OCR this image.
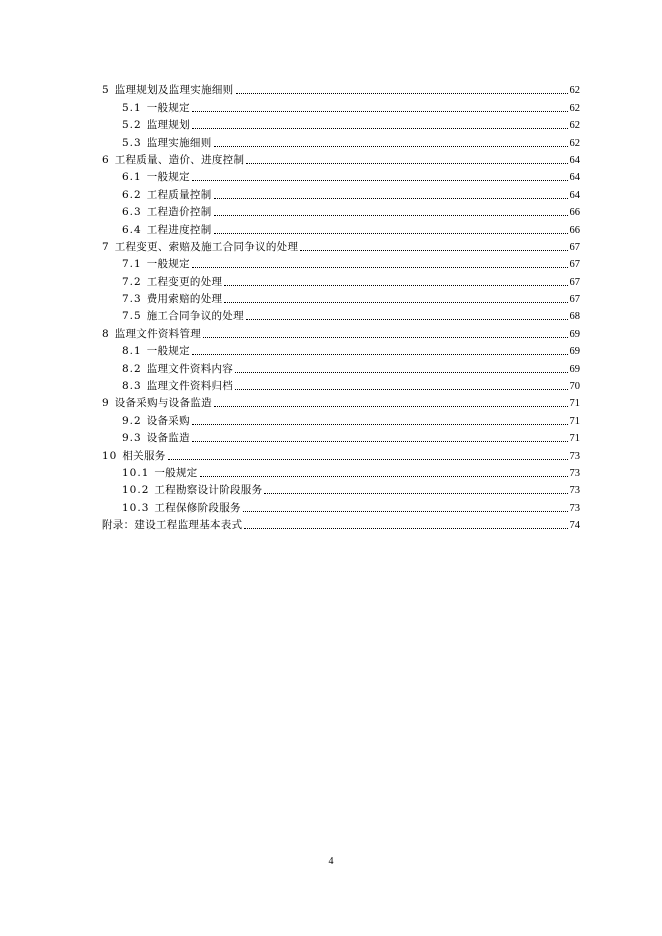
5 监理规划及监理实施细则	62
5.1 一般规定	62
5.2 监理规划	62
5.3 监理实施细则	62
6 工程质量、造价、进度控制	64
6.1 一般规定	64
6.2 工程质量控制	64
6.3 工程造价控制	66
6.4 工程进度控制	66
7 工程变更、索赔及施工合同争议的处理	67
7.1 一般规定	67
7.2 工程变更的处理	67
7.3 费用索赔的处理	67
7.5 施工合同争议的处理	68
8 监理文件资料管理	69
8.1 一般规定	69
8.2 监理文件资料内容	69
8.3 监理文件资料归档	70
9 设备采购与设备监造	71
9.2 设备采购	71
9.3 设备监造	71
10 相关服务	73
10.1 一般规定	73
10.2 工程勘察设计阶段服务	73
10.3 工程保修阶段服务	73
附录：建设工程监理基本表式	74
4
